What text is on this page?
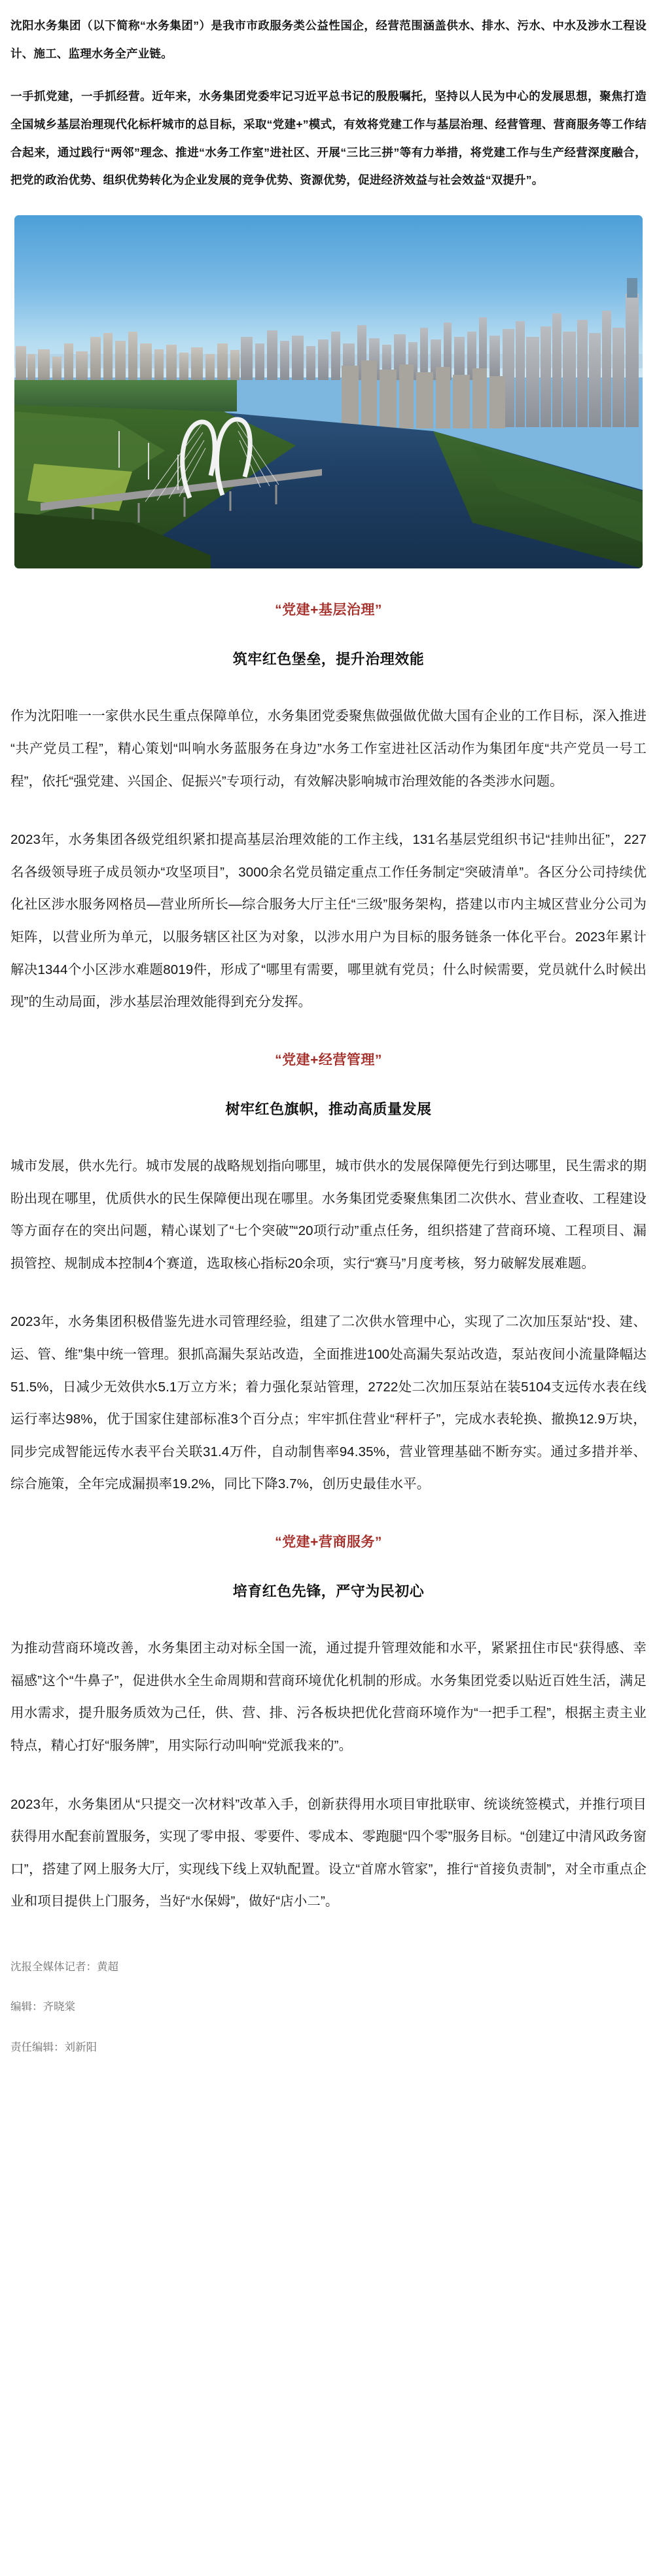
沈阳水务集团（以下简称“水务集团”）是我市市政服务类公益性国企，经营范围涵盖供水、排水、污水、中水及涉水工程设计、施工、监理水务全产业链。

一手抓党建，一手抓经营。近年来，水务集团党委牢记习近平总书记的殷殷嘱托，坚持以人民为中心的发展思想，聚焦打造全国城乡基层治理现代化标杆城市的总目标，采取“党建+”模式，有效将党建工作与基层治理、经营管理、营商服务等工作结合起来，通过践行“两邻”理念、推进“水务工作室”进社区、开展“三比三拼”等有力举措，将党建工作与生产经营深度融合，把党的政治优势、组织优势转化为企业发展的竞争优势、资源优势，促进经济效益与社会效益“双提升”。

“党建+基层治理”
筑牢红色堡垒，提升治理效能

作为沈阳唯一一家供水民生重点保障单位，水务集团党委聚焦做强做优做大国有企业的工作目标，深入推进“共产党员工程”，精心策划“叫响水务蓝服务在身边”水务工作室进社区活动作为集团年度“共产党员一号工程”，依托“强党建、兴国企、促振兴”专项行动，有效解决影响城市治理效能的各类涉水问题。

2023年，水务集团各级党组织紧扣提高基层治理效能的工作主线，131名基层党组织书记“挂帅出征”，227名各级领导班子成员领办“攻坚项目”，3000余名党员锚定重点工作任务制定“突破清单”。各区分公司持续优化社区涉水服务网格员—营业所所长—综合服务大厅主任“三级”服务架构，搭建以市内主城区营业分公司为矩阵，以营业所为单元，以服务辖区社区为对象，以涉水用户为目标的服务链条一体化平台。2023年累计解决1344个小区涉水难题8019件，形成了“哪里有需要，哪里就有党员；什么时候需要，党员就什么时候出现”的生动局面，涉水基层治理效能得到充分发挥。

“党建+经营管理”
树牢红色旗帜，推动高质量发展

城市发展，供水先行。城市发展的战略规划指向哪里，城市供水的发展保障便先行到达哪里，民生需求的期盼出现在哪里，优质供水的民生保障便出现在哪里。水务集团党委聚焦集团二次供水、营业查收、工程建设等方面存在的突出问题，精心谋划了“七个突破”“20项行动”重点任务，组织搭建了营商环境、工程项目、漏损管控、规制成本控制4个赛道，选取核心指标20余项，实行“赛马”月度考核，努力破解发展难题。

2023年，水务集团积极借鉴先进水司管理经验，组建了二次供水管理中心，实现了二次加压泵站“投、建、运、管、维”集中统一管理。狠抓高漏失泵站改造，全面推进100处高漏失泵站改造，泵站夜间小流量降幅达51.5%，日减少无效供水5.1万立方米；着力强化泵站管理，2722处二次加压泵站在装5104支远传水表在线运行率达98%，优于国家住建部标准3个百分点；牢牢抓住营业“秤杆子”，完成水表轮换、撤换12.9万块，同步完成智能远传水表平台关联31.4万件，自动制售率94.35%，营业管理基础不断夯实。通过多措并举、综合施策，全年完成漏损率19.2%，同比下降3.7%，创历史最佳水平。

“党建+营商服务”
培育红色先锋，严守为民初心

为推动营商环境改善，水务集团主动对标全国一流，通过提升管理效能和水平，紧紧扭住市民“获得感、幸福感”这个“牛鼻子”，促进供水全生命周期和营商环境优化机制的形成。水务集团党委以贴近百姓生活，满足用水需求，提升服务质效为己任，供、营、排、污各板块把优化营商环境作为“一把手工程”，根据主责主业特点，精心打好“服务牌”，用实际行动叫响“党派我来的”。

2023年，水务集团从“只提交一次材料”改革入手，创新获得用水项目审批联审、统谈统签模式，并推行项目获得用水配套前置服务，实现了零申报、零要件、零成本、零跑腿“四个零”服务目标。“创建辽中清风政务窗口”，搭建了网上服务大厅，实现线下线上双轨配置。设立“首席水管家”，推行“首接负责制”，对全市重点企业和项目提供上门服务，当好“水保姆”，做好“店小二”。

沈报全媒体记者：黄超

编辑：齐晓棠

责任编辑：刘新阳
